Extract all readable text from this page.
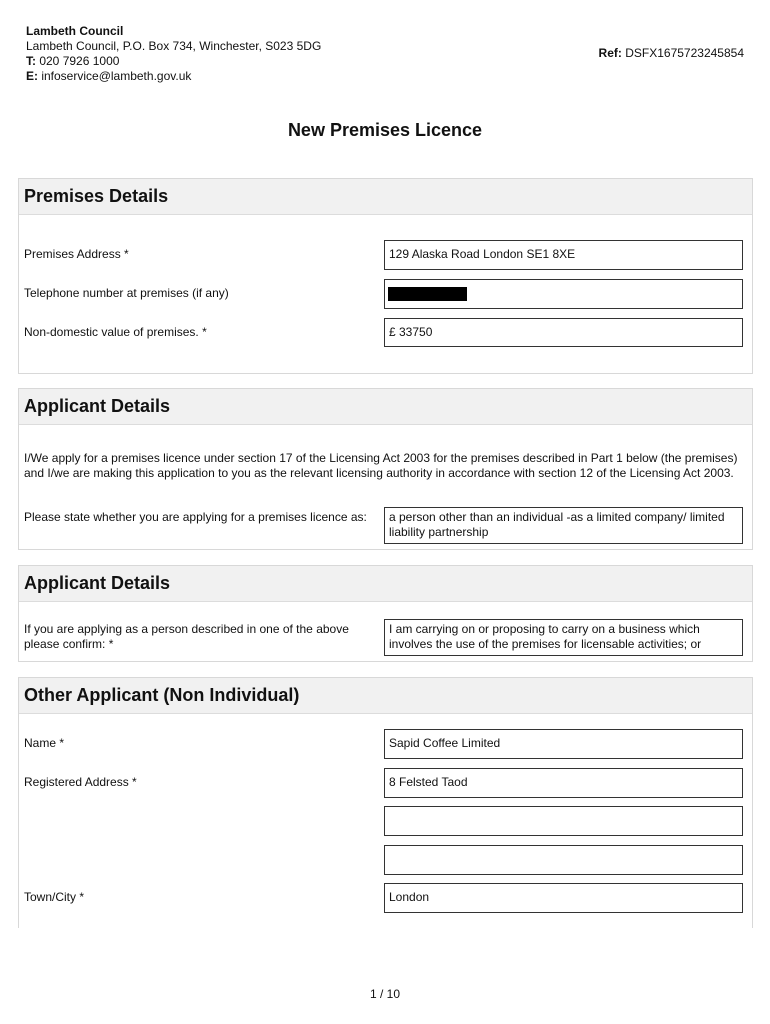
Lambeth Council
Lambeth Council, P.O. Box 734, Winchester, S023 5DG
T: 020 7926 1000
E: infoservice@lambeth.gov.uk
Ref: DSFX1675723245854
New Premises Licence
Premises Details
Premises Address *	129 Alaska Road London SE1 8XE
Telephone number at premises (if any)
Non-domestic value of premises. *	£ 33750
Applicant Details
I/We apply for a premises licence under section 17 of the Licensing Act 2003 for the premises described in Part 1 below (the premises) and I/we are making this application to you as the relevant licensing authority in accordance with section 12 of the Licensing Act 2003.
Please state whether you are applying for a premises licence as:	a person other than an individual -as a limited company/ limited liability partnership
Applicant Details
If you are applying as a person described in one of the above please confirm: *
I am carrying on or proposing to carry on a business which involves the use of the premises for licensable activities; or
Other Applicant (Non Individual)
Name *	Sapid Coffee Limited
Registered Address *	8 Felsted Taod
Town/City *	London
1 / 10
